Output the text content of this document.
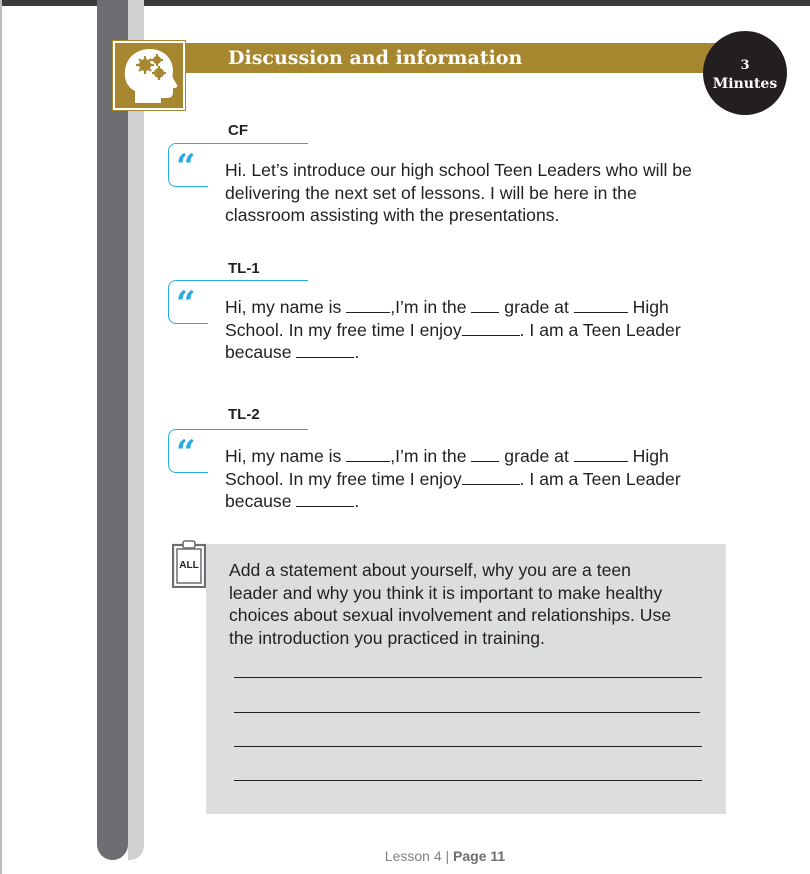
Discussion and information	3
Minutes
CF
“ Hi. Let’s introduce our high school Teen Leaders who will be
delivering the next set of lessons. I will be here in the
classroom assisting with the presentations.
TL-1
“ Hi, my name is	,I’m in the grade at	High
School. In my free time I enjoy	. I am a Teen Leader
because	.
TL-2
“ Hi, my name is	,I’m in the grade at	High
School. In my free time I enjoy	. I am a Teen Leader
because	.
ALL Add a statement about yourself, why you are a teen
leader and why you think it is important to make healthy
choices about sexual involvement and relationships. Use
the introduction you practiced in training.
Lesson 4 | Page 11
